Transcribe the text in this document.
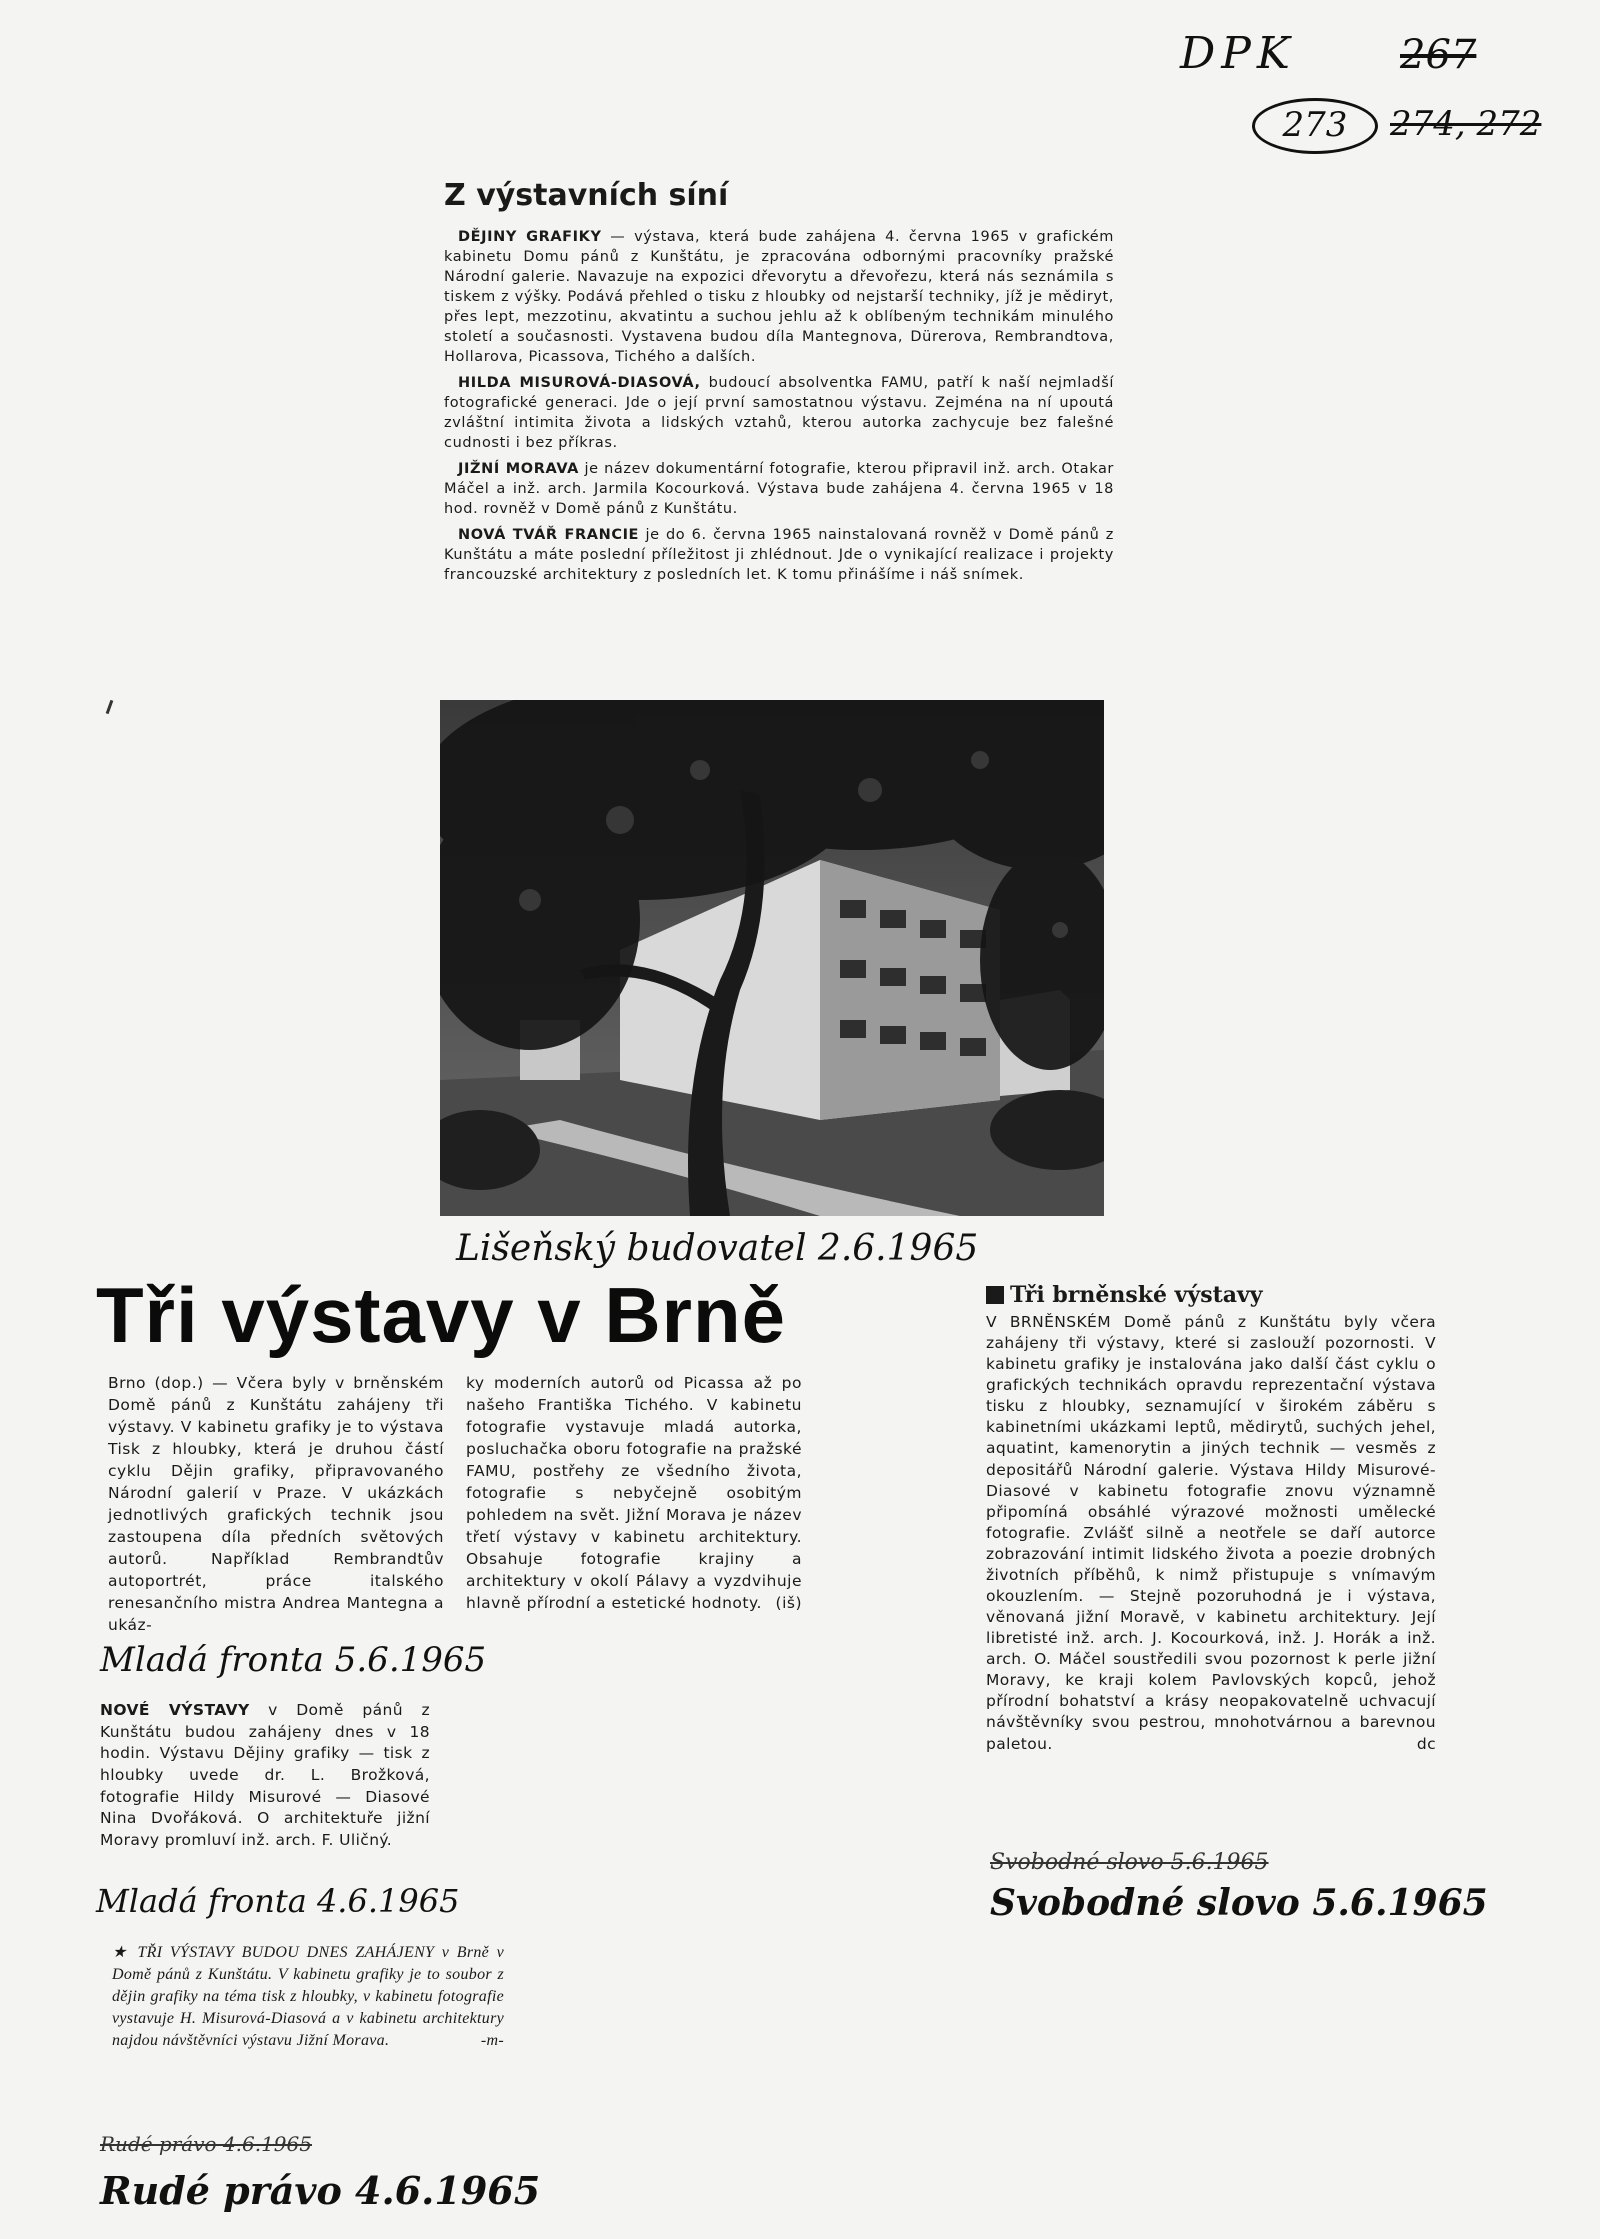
DPK	267
273	274, 272
Z výstavních síní

DĚJINY GRAFIKY — výstava, která bude zahájena 4. června 1965 v grafickém kabinetu Domu pánů z Kunštátu, je zpracována odbornými pracovníky pražské Národní galerie. Navazuje na expozici dřevorytu a dřevořezu, která nás seznámila s tiskem z výšky. Podává přehled o tisku z hloubky od nejstarší techniky, jíž je mědiryt, přes lept, mezzotinu, akvatintu a suchou jehlu až k oblíbeným technikám minulého století a současnosti. Vystavena budou díla Mantegnova, Dürerova, Rembrandtova, Hollarova, Picassova, Tichého a dalších.

HILDA MISUROVÁ-DIASOVÁ, budoucí absolventka FAMU, patří k naší nejmladší fotografické generaci. Jde o její první samostatnou výstavu. Zejména na ní upoutá zvláštní intimita života a lidských vztahů, kterou autorka zachycuje bez falešné cudnosti i bez příkras.

JIŽNÍ MORAVA je název dokumentární fotografie, kterou připravil inž. arch. Otakar Máčel a inž. arch. Jarmila Kocourková. Výstava bude zahájena 4. června 1965 v 18 hod. rovněž v Domě pánů z Kunštátu.

NOVÁ TVÁŘ FRANCIE je do 6. června 1965 nainstalovaná rovněž v Domě pánů z Kunštátu a máte poslední příležitost ji zhlédnout. Jde o vynikající realizace i projekty francouzské architektury z posledních let. K tomu přinášíme i náš snímek.

Lišeňský budovatel 2.6.1965
Tři výstavy v Brně
Brno (dop.) — Včera byly v brněnském Domě pánů z Kunštátu zahájeny tři výstavy. V kabinetu grafiky je to výstava Tisk z hloubky, která je druhou částí cyklu Dějin grafiky, připravovaného Národní galerií v Praze. V ukázkách jednotlivých grafických technik jsou zastoupena díla předních světových autorů. Například Rembrandtův autoportrét, práce italského renesančního mistra Andrea Mantegna a ukáz-
ky moderních autorů od Picassa až po našeho Františka Tichého. V kabinetu fotografie vystavuje mladá autorka, posluchačka oboru fotografie na pražské FAMU, postřehy ze všedního života, fotografie s nebyčejně osobitým pohledem na svět. Jižní Morava je název třetí výstavy v kabinetu architektury. Obsahuje fotografie krajiny a architektury v okolí Pálavy a vyzdvihuje hlavně přírodní a estetické hodnoty. (iš)
Mladá fronta 5.6.1965
NOVÉ VÝSTAVY v Domě pánů z Kunštátu budou zahájeny dnes v 18 hodin. Výstavu Dějiny grafiky — tisk z hloubky uvede dr. L. Brožková, fotografie Hildy Misurové — Diasové Nina Dvořáková. O architektuře jižní Moravy promluví inž. arch. F. Uličný.
Mladá fronta 4.6.1965
★ TŘI VÝSTAVY BUDOU DNES ZAHÁJENY v Brně v Domě pánů z Kunštátu. V kabinetu grafiky je to soubor z dějin grafiky na téma tisk z hloubky, v kabinetu fotografie vystavuje H. Misurová-Diasová a v kabinetu architektury najdou návštěvníci výstavu Jižní Morava.	-m-
Rudé právo 4.6.1965
Rudé právo 4.6.1965
Tři brněnské výstavy
V BRNĚNSKÉM Domě pánů z Kunštátu byly včera zahájeny tři výstavy, které si zaslouží pozornosti. V kabinetu grafiky je instalována jako další část cyklu o grafických technikách opravdu reprezentační výstava tisku z hloubky, seznamující v širokém záběru s kabinetními ukázkami leptů, mědirytů, suchých jehel, aquatint, kamenorytin a jiných technik — vesměs z depositářů Národní galerie. Výstava Hildy Misurové-Diasové v kabinetu fotografie znovu významně připomíná obsáhlé výrazové možnosti umělecké fotografie. Zvlášť silně a neotřele se daří autorce zobrazování intimit lidského života a poezie drobných životních příběhů, k nimž přistupuje s vnímavým okouzlením. — Stejně pozoruhodná je i výstava, věnovaná jižní Moravě, v kabinetu architektury. Její libretisté inž. arch. J. Kocourková, inž. J. Horák a inž. arch. O. Máčel soustředili svou pozornost k perle jižní Moravy, ke kraji kolem Pavlovských kopců, jehož přírodní bohatství a krásy neopakovatelně uchvacují návštěvníky svou pestrou, mnohotvárnou a barevnou paletou.	dc
Svobodné slovo 5.6.1965
Svobodné slovo 5.6.1965
